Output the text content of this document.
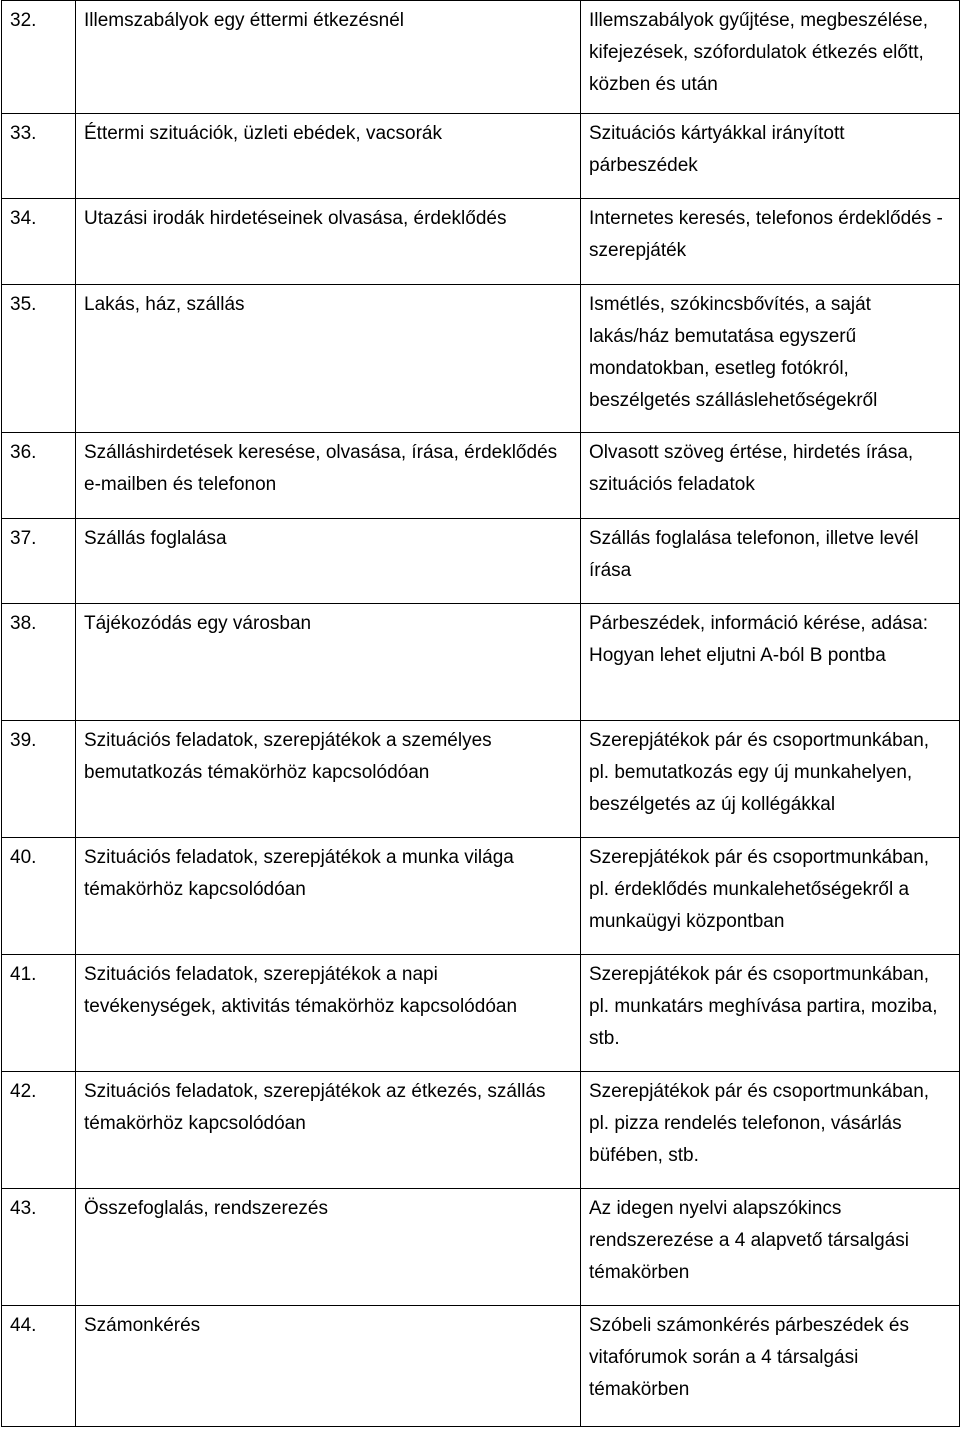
32.	Illemszabályok egy éttermi étkezésnél	Illemszabályok gyűjtése, megbeszélése, kifejezések, szófordulatok étkezés előtt, közben és után
33.	Éttermi szituációk, üzleti ebédek, vacsorák	Szituációs kártyákkal irányított párbeszédek
34.	Utazási irodák hirdetéseinek olvasása, érdeklődés	Internetes keresés, telefonos érdeklődés - szerepjáték
35.	Lakás, ház, szállás	Ismétlés, szókincsbővítés, a saját lakás/ház bemutatása egyszerű mondatokban, esetleg fotókról, beszélgetés szálláslehetőségekről
36.	Szálláshirdetések keresése, olvasása, írása, érdeklődés e-mailben és telefonon	Olvasott szöveg értése, hirdetés írása, szituációs feladatok
37.	Szállás foglalása	Szállás foglalása telefonon, illetve levél írása
38.	Tájékozódás egy városban	Párbeszédek, információ kérése, adása: Hogyan lehet eljutni A-ból B pontba
39.	Szituációs feladatok, szerepjátékok a személyes bemutatkozás témakörhöz kapcsolódóan	Szerepjátékok pár és csoportmunkában, pl. bemutatkozás egy új munkahelyen, beszélgetés az új kollégákkal
40.	Szituációs feladatok, szerepjátékok a munka világa témakörhöz kapcsolódóan	Szerepjátékok pár és csoportmunkában, pl. érdeklődés munkalehetőségekről a munkaügyi központban
41.	Szituációs feladatok, szerepjátékok a napi tevékenységek, aktivitás témakörhöz kapcsolódóan	Szerepjátékok pár és csoportmunkában, pl. munkatárs meghívása partira, moziba, stb.
42.	Szituációs feladatok, szerepjátékok az étkezés, szállás témakörhöz kapcsolódóan	Szerepjátékok pár és csoportmunkában, pl. pizza rendelés telefonon, vásárlás büfében, stb.
43.	Összefoglalás, rendszerezés	Az idegen nyelvi alapszókincs rendszerezése a 4 alapvető társalgási témakörben
44.	Számonkérés	Szóbeli számonkérés párbeszédek és vitafórumok során a 4 társalgási témakörben
